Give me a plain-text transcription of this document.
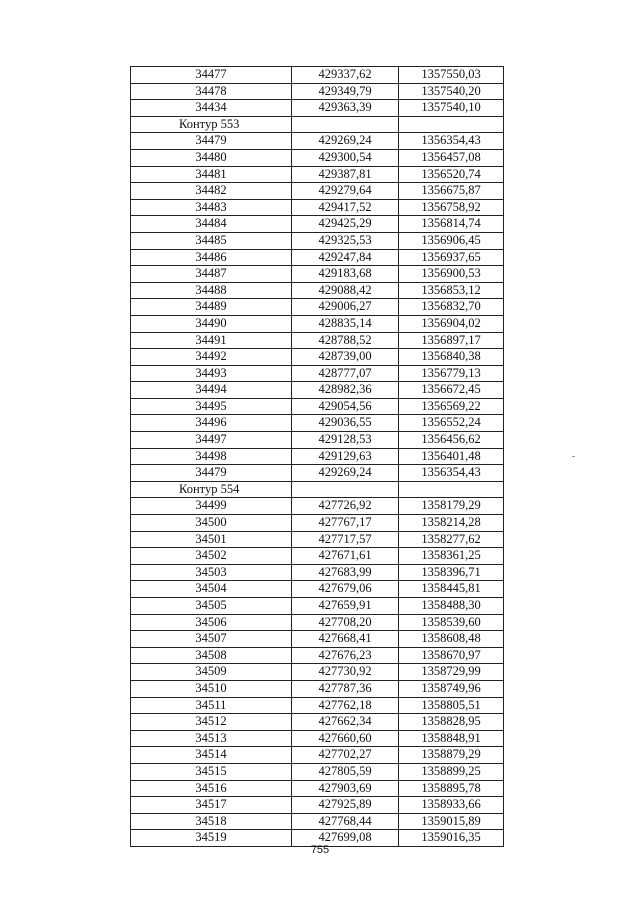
34477	429337,62	1357550,03
34478	429349,79	1357540,20
34434	429363,39	1357540,10
Контур 553		
34479	429269,24	1356354,43
34480	429300,54	1356457,08
34481	429387,81	1356520,74
34482	429279,64	1356675,87
34483	429417,52	1356758,92
34484	429425,29	1356814,74
34485	429325,53	1356906,45
34486	429247,84	1356937,65
34487	429183,68	1356900,53
34488	429088,42	1356853,12
34489	429006,27	1356832,70
34490	428835,14	1356904,02
34491	428788,52	1356897,17
34492	428739,00	1356840,38
34493	428777,07	1356779,13
34494	428982,36	1356672,45
34495	429054,56	1356569,22
34496	429036,55	1356552,24
34497	429128,53	1356456,62
34498	429129,63	1356401,48
34479	429269,24	1356354,43
Контур 554		
34499	427726,92	1358179,29
34500	427767,17	1358214,28
34501	427717,57	1358277,62
34502	427671,61	1358361,25
34503	427683,99	1358396,71
34504	427679,06	1358445,81
34505	427659,91	1358488,30
34506	427708,20	1358539,60
34507	427668,41	1358608,48
34508	427676,23	1358670,97
34509	427730,92	1358729,99
34510	427787,36	1358749,96
34511	427762,18	1358805,51
34512	427662,34	1358828,95
34513	427660,60	1358848,91
34514	427702,27	1358879,29
34515	427805,59	1358899,25
34516	427903,69	1358895,78
34517	427925,89	1358933,66
34518	427768,44	1359015,89
34519	427699,08	1359016,35
755
